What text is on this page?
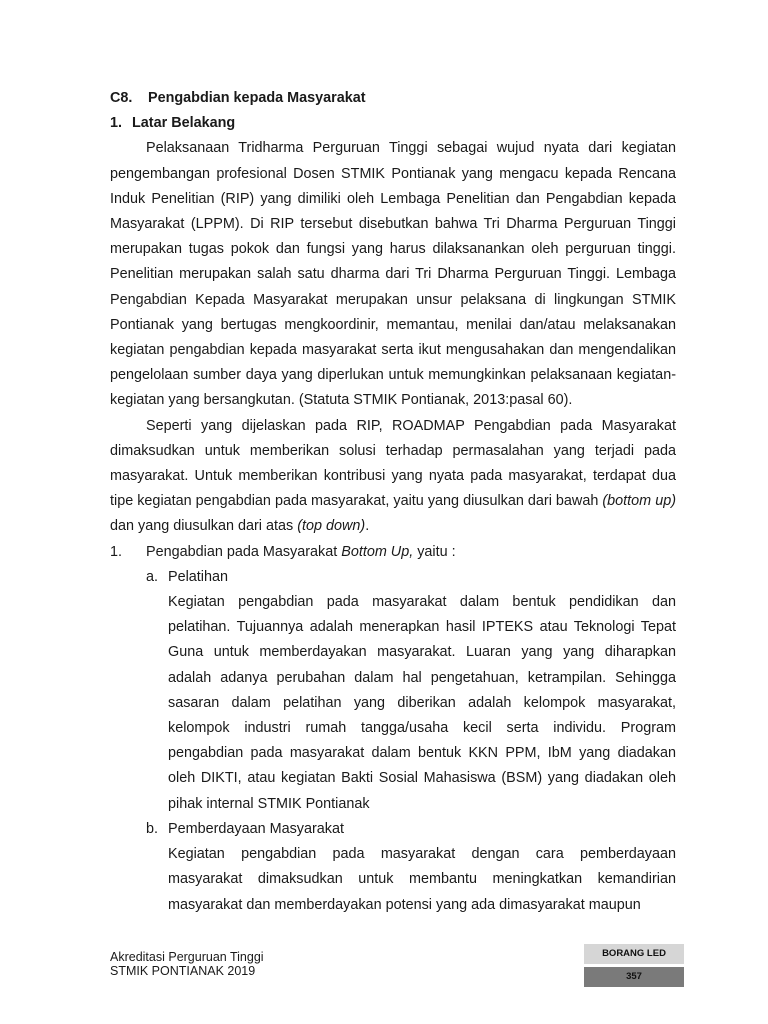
C8. Pengabdian kepada Masyarakat
1. Latar Belakang

Pelaksanaan Tridharma Perguruan Tinggi sebagai wujud nyata dari kegiatan pengembangan profesional Dosen STMIK Pontianak yang mengacu kepada Rencana Induk Penelitian (RIP) yang dimiliki oleh Lembaga Penelitian dan Pengabdian kepada Masyarakat (LPPM). Di RIP tersebut disebutkan bahwa Tri Dharma Perguruan Tinggi merupakan tugas pokok dan fungsi yang harus dilaksanankan oleh perguruan tinggi. Penelitian merupakan salah satu dharma dari Tri Dharma Perguruan Tinggi. Lembaga Pengabdian Kepada Masyarakat merupakan unsur pelaksana di lingkungan STMIK Pontianak yang bertugas mengkoordinir, memantau, menilai dan/atau melaksanakan kegiatan pengabdian kepada masyarakat serta ikut mengusahakan dan mengendalikan pengelolaan sumber daya yang diperlukan untuk memungkinkan pelaksanaan kegiatan-kegiatan yang bersangkutan. (Statuta STMIK Pontianak, 2013:pasal 60).

Seperti yang dijelaskan pada RIP, ROADMAP Pengabdian pada Masyarakat dimaksudkan untuk memberikan solusi terhadap permasalahan yang terjadi pada masyarakat. Untuk memberikan kontribusi yang nyata pada masyarakat, terdapat dua tipe kegiatan pengabdian pada masyarakat, yaitu yang diusulkan dari bawah (bottom up) dan yang diusulkan dari atas (top down).

1.	Pengabdian pada Masyarakat Bottom Up, yaitu :
a. Pelatihan

Kegiatan pengabdian pada masyarakat dalam bentuk pendidikan dan pelatihan. Tujuannya adalah menerapkan hasil IPTEKS atau Teknologi Tepat Guna untuk memberdayakan masyarakat. Luaran yang yang diharapkan adalah adanya perubahan dalam hal pengetahuan, ketrampilan. Sehingga sasaran dalam pelatihan yang diberikan adalah kelompok masyarakat, kelompok industri rumah tangga/usaha kecil serta individu. Program pengabdian pada masyarakat dalam bentuk KKN PPM, IbM yang diadakan oleh DIKTI, atau kegiatan Bakti Sosial Mahasiswa (BSM) yang diadakan oleh pihak internal STMIK Pontianak

b. Pemberdayaan Masyarakat

Kegiatan pengabdian pada masyarakat dengan cara pemberdayaan masyarakat dimaksudkan untuk membantu meningkatkan kemandirian masyarakat dan memberdayakan potensi yang ada dimasyarakat maupun

Akreditasi Perguruan Tinggi
STMIK PONTIANAK 2019
BORANG LED
357
